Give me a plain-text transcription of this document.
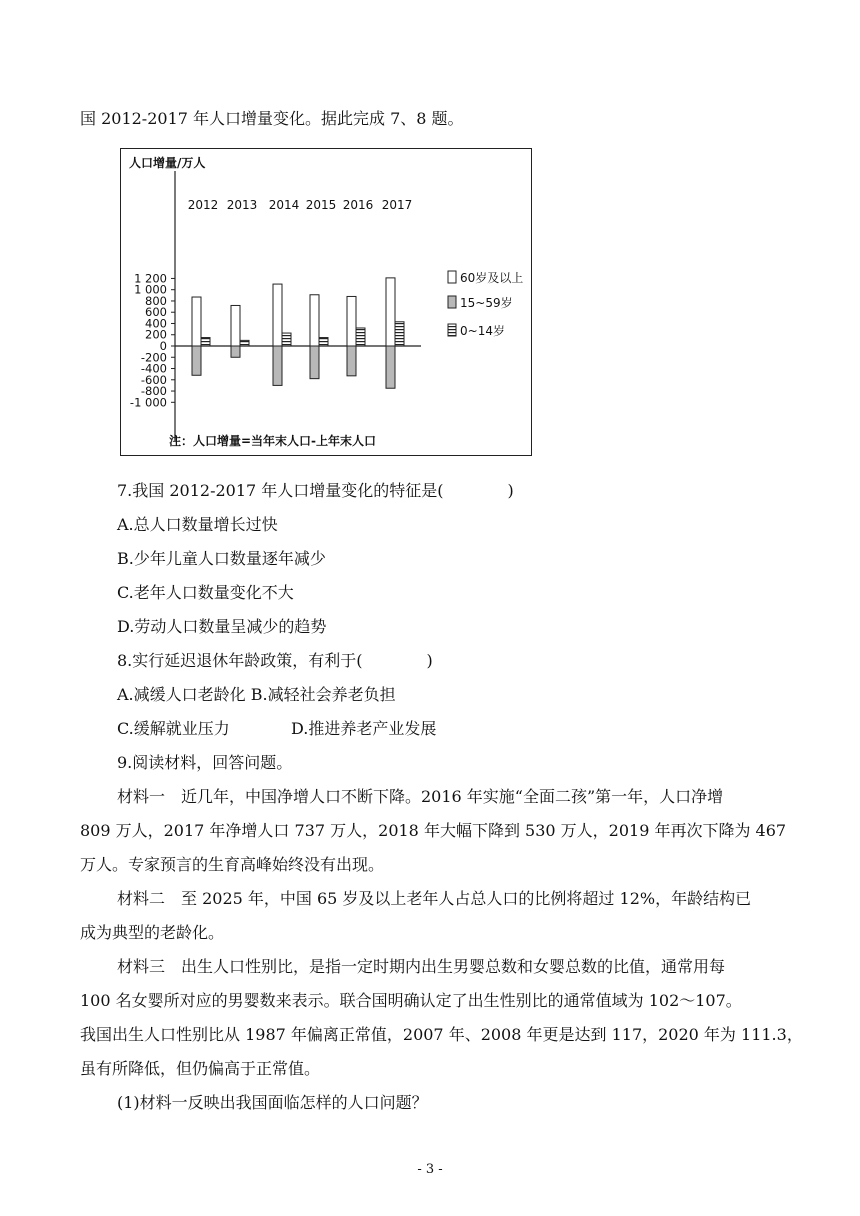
国 2012-2017 年人口增量变化。据此完成 7、8 题。
人口增量/万人
2012 2013 2014 2015 2016 2017
1 200
1 000
800
600
400
200
0
-200
-400
-600
-800
-1 000
60岁及以上
15~59岁
0~14岁
注：人口增量=当年末人口-上年末人口
7.我国 2012-2017 年人口增量变化的特征是(　　　　)
A.总人口数量增长过快
B.少年儿童人口数量逐年减少
C.老年人口数量变化不大
D.劳动人口数量呈减少的趋势
8.实行延迟退休年龄政策，有利于(　　　　)
A.减缓人口老龄化 B.减轻社会养老负担
C.缓解就业压力	D.推进养老产业发展
9.阅读材料，回答问题。
材料一　近几年，中国净增人口不断下降。2016 年实施“全面二孩”第一年，人口净增
809 万人，2017 年净增人口 737 万人，2018 年大幅下降到 530 万人，2019 年再次下降为 467
万人。专家预言的生育高峰始终没有出现。
材料二　至 2025 年，中国 65 岁及以上老年人占总人口的比例将超过 12%，年龄结构已
成为典型的老龄化。
材料三　出生人口性别比，是指一定时期内出生男婴总数和女婴总数的比值，通常用每
100 名女婴所对应的男婴数来表示。联合国明确认定了出生性别比的通常值域为 102～107。
我国出生人口性别比从 1987 年偏离正常值，2007 年、2008 年更是达到 117，2020 年为 111.3，
虽有所降低，但仍偏高于正常值。
(1)材料一反映出我国面临怎样的人口问题？
- 3 -
